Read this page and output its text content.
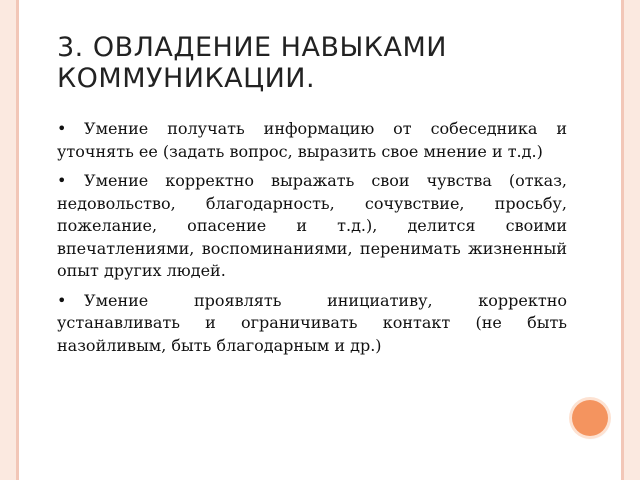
3. ОВЛАДЕНИЕ НАВЫКАМИ КОММУНИКАЦИИ.

• Умение получать информацию от собеседника и уточнять ее (задать вопрос, выразить свое мнение и т.д.)

• Умение корректно выражать свои чувства (отказ, недовольство, благодарность, сочувствие, просьбу, пожелание, опасение и т.д.), делится своими впечатлениями, воспоминаниями, перенимать жизненный опыт других людей.

• Умение проявлять инициативу, корректно устанавливать и ограничивать контакт (не быть назойливым, быть благодарным и др.)
